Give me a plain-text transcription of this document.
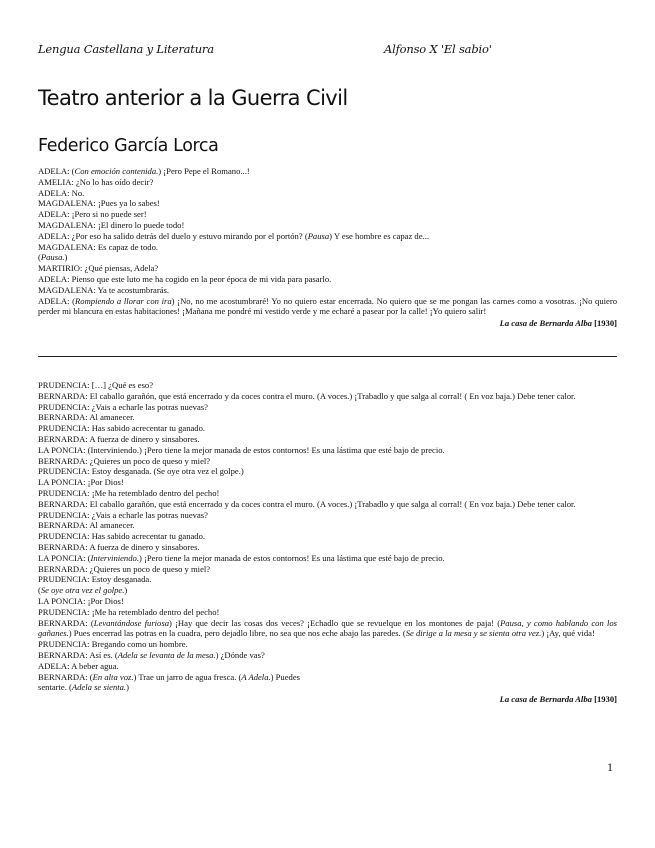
Lengua Castellana y Literatura	Alfonso X 'El sabio'
Teatro anterior a la Guerra Civil
Federico García Lorca
ADELA: (Con emoción contenida.) ¡Pero Pepe el Romano...!
AMELIA: ¿No lo has oído decir?
ADELA: No.
MAGDALENA: ¡Pues ya lo sabes!
ADELA: ¡Pero si no puede ser!
MAGDALENA: ¡El dinero lo puede todo!
ADELA: ¿Por eso ha salido detrás del duelo y estuvo mirando por el portón? (Pausa) Y ese hombre es capaz de...
MAGDALENA: Es capaz de todo.
(Pausa.)
MARTIRIO: ¿Qué piensas, Adela?
ADELA: Pienso que este luto me ha cogido en la peor época de mi vida para pasarlo.
MAGDALENA: Ya te acostumbrarás.
ADELA: (Rompiendo a llorar con ira) ¡No, no me acostumbraré! Yo no quiero estar encerrada. No quiero que se me pongan las carnes como a vosotras. ¡No quiero perder mi blancura en estas habitaciones! ¡Mañana me pondré mi vestido verde y me echaré a pasear por la calle! ¡Yo quiero salir!
La casa de Bernarda Alba [1930]
PRUDENCIA: […] ¿Qué es eso?
BERNARDA: El caballo garañón, que está encerrado y da coces contra el muro. (A voces.) ¡Trabadlo y que salga al corral! ( En voz baja.) Debe tener calor.
PRUDENCIA: ¿Vais a echarle las potras nuevas?
BERNARDA: Al amanecer.
PRUDENCIA: Has sabido acrecentar tu ganado.
BERNARDA: A fuerza de dinero y sinsabores.
LA PONCIA: (Interviniendo.) ¡Pero tiene la mejor manada de estos contornos! Es una lástima que esté bajo de precio.
BERNARDA: ¿Quieres un poco de queso y miel?
PRUDENCIA: Estoy desganada. (Se oye otra vez el golpe.)
LA PONCIA: ¡Por Dios!
PRUDENCIA: ¡Me ha retemblado dentro del pecho!
BERNARDA: El caballo garañón, que está encerrado y da coces contra el muro. (A voces.) ¡Trabadlo y que salga al corral! ( En voz baja.) Debe tener calor.
PRUDENCIA: ¿Vais a echarle las potras nuevas?
BERNARDA: Al amanecer.
PRUDENCIA: Has sabido acrecentar tu ganado.
BERNARDA: A fuerza de dinero y sinsabores.
LA PONCIA: (Interviniendo.) ¡Pero tiene la mejor manada de estos contornos! Es una lástima que esté bajo de precio.
BERNARDA: ¿Quieres un poco de queso y miel?
PRUDENCIA: Estoy desganada.
(Se oye otra vez el golpe.)
LA PONCIA: ¡Por Dios!
PRUDENCIA: ¡Me ha retemblado dentro del pecho!
BERNARDA: (Levantándose furiosa) ¡Hay que decir las cosas dos veces? ¡Echadlo que se revuelque en los montones de paja! (Pausa, y como hablando con los gañanes.) Pues encerrad las potras en la cuadra, pero dejadlo libre, no sea que nos eche abajo las paredes. (Se dirige a la mesa y se sienta otra vez.) ¡Ay, qué vida!
PRUDENCIA: Bregando como un hombre.
BERNARDA: Así es. (Adela se levanta de la mesa.) ¿Dónde vas?
ADELA: A beber agua.
BERNARDA: (En alta voz.) Trae un jarro de agua fresca. (A Adela.) Puedes
sentarte. (Adela se sienta.)
La casa de Bernarda Alba [1930]
1
